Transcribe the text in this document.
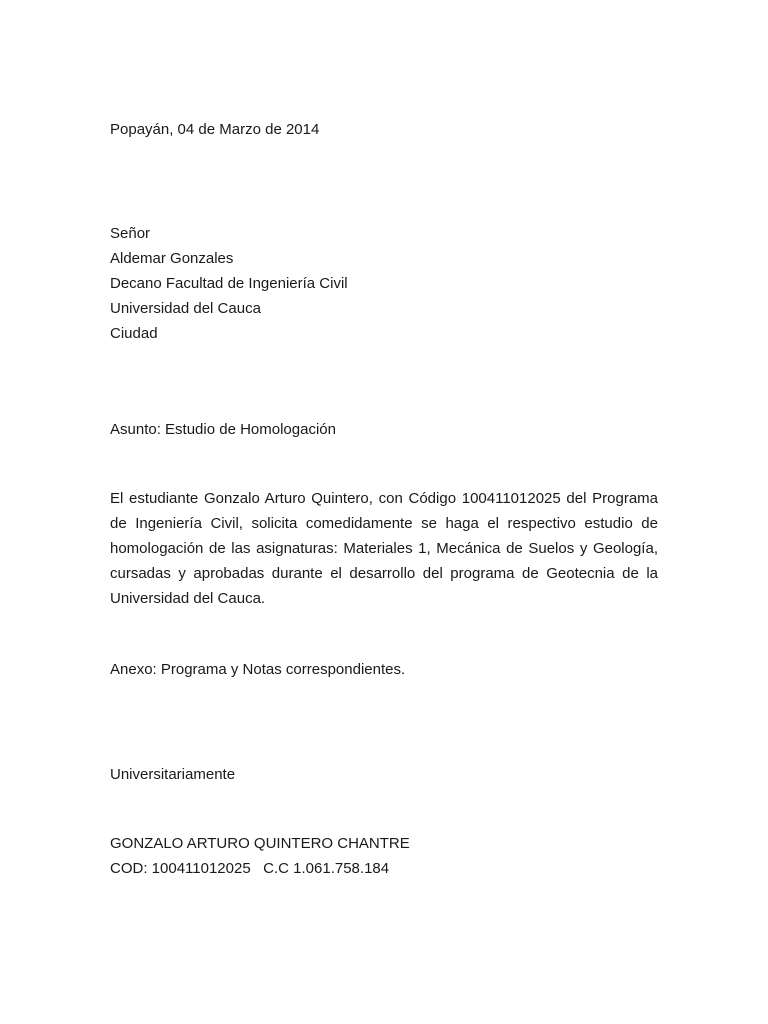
Popayán, 04 de Marzo de 2014
Señor
Aldemar Gonzales
Decano Facultad de Ingeniería Civil
Universidad del Cauca
Ciudad
Asunto: Estudio de Homologación
El estudiante Gonzalo Arturo Quintero, con Código 100411012025 del Programa de Ingeniería Civil, solicita comedidamente se haga el respectivo estudio de homologación de las asignaturas: Materiales 1, Mecánica de Suelos y Geología, cursadas y aprobadas durante el desarrollo del programa de Geotecnia de la Universidad del Cauca.
Anexo: Programa y Notas correspondientes.
Universitariamente
GONZALO ARTURO QUINTERO CHANTRE
COD: 100411012025   C.C 1.061.758.184
